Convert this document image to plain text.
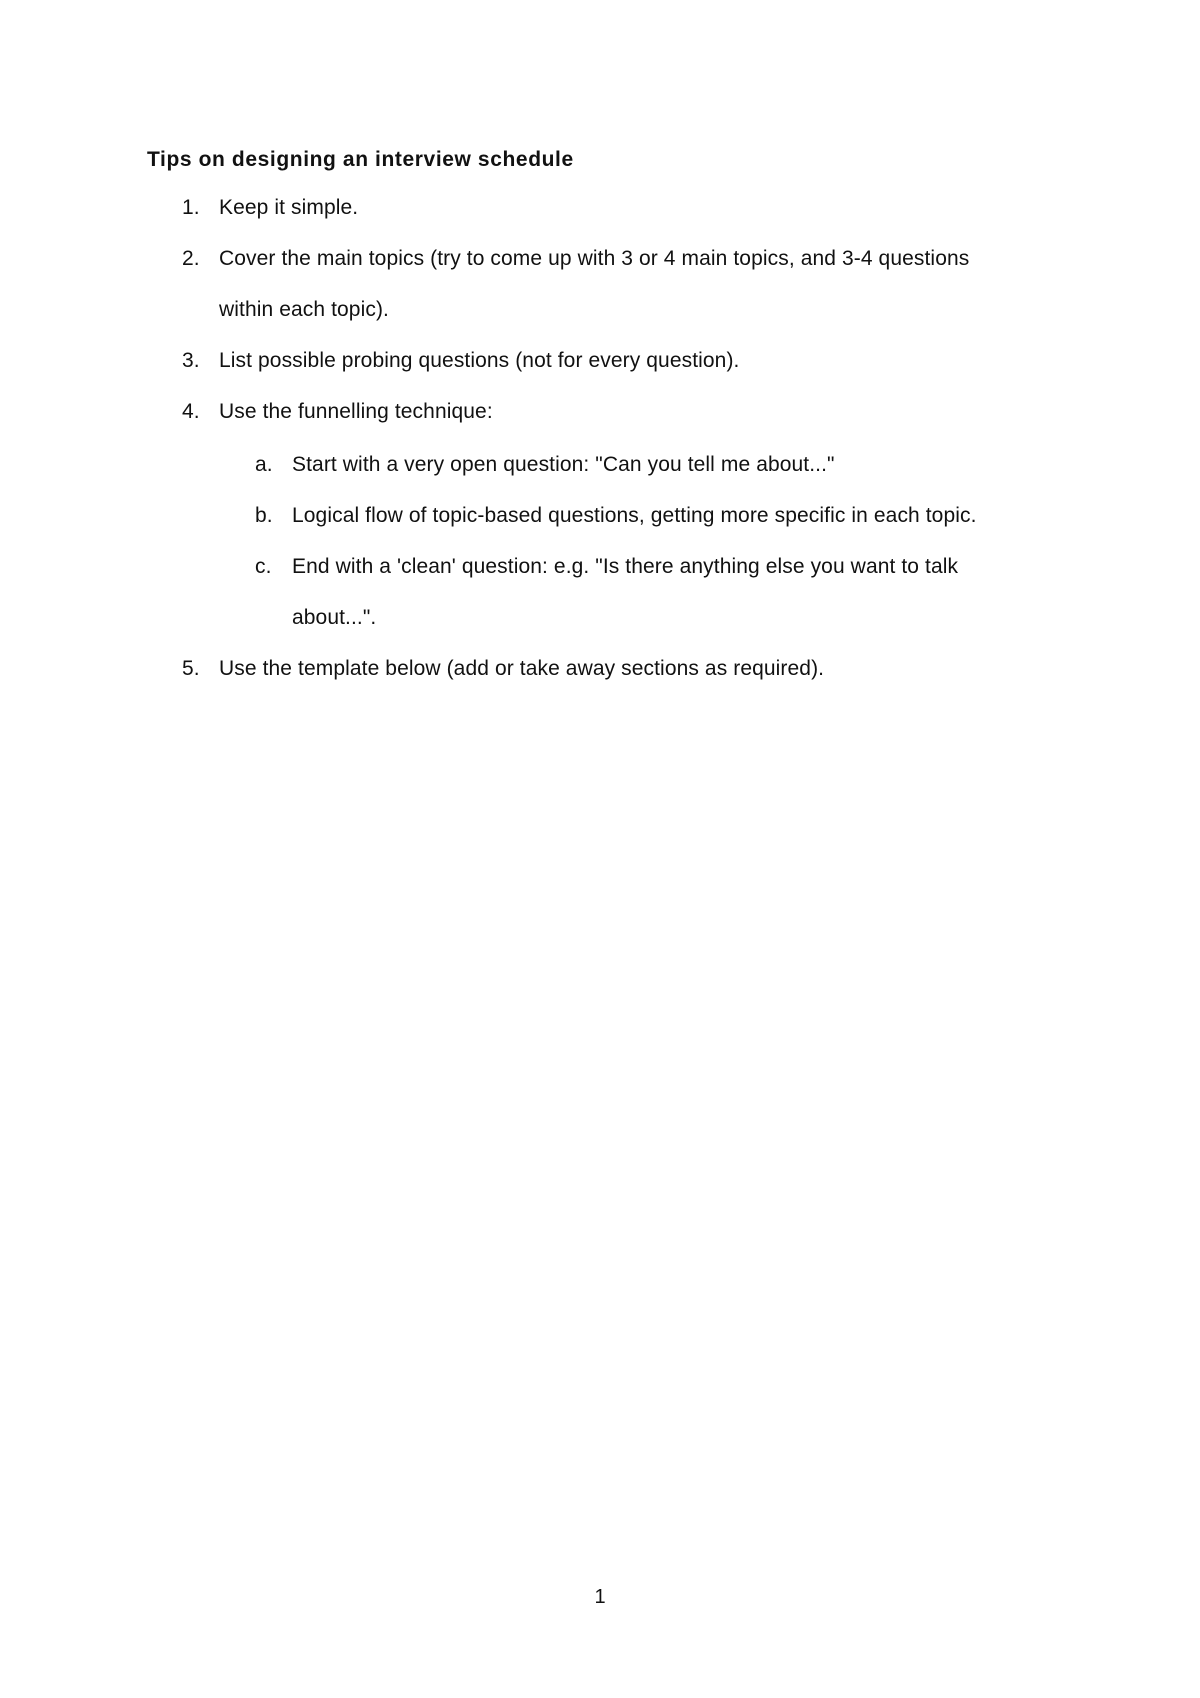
Tips on designing an interview schedule
1. Keep it simple.
2. Cover the main topics (try to come up with 3 or 4 main topics, and 3-4 questions
within each topic).
3. List possible probing questions (not for every question).
4. Use the funnelling technique:
a. Start with a very open question: "Can you tell me about..."
b. Logical flow of topic-based questions, getting more specific in each topic.
c. End with a 'clean' question: e.g. "Is there anything else you want to talk
about...".
5. Use the template below (add or take away sections as required).
1
